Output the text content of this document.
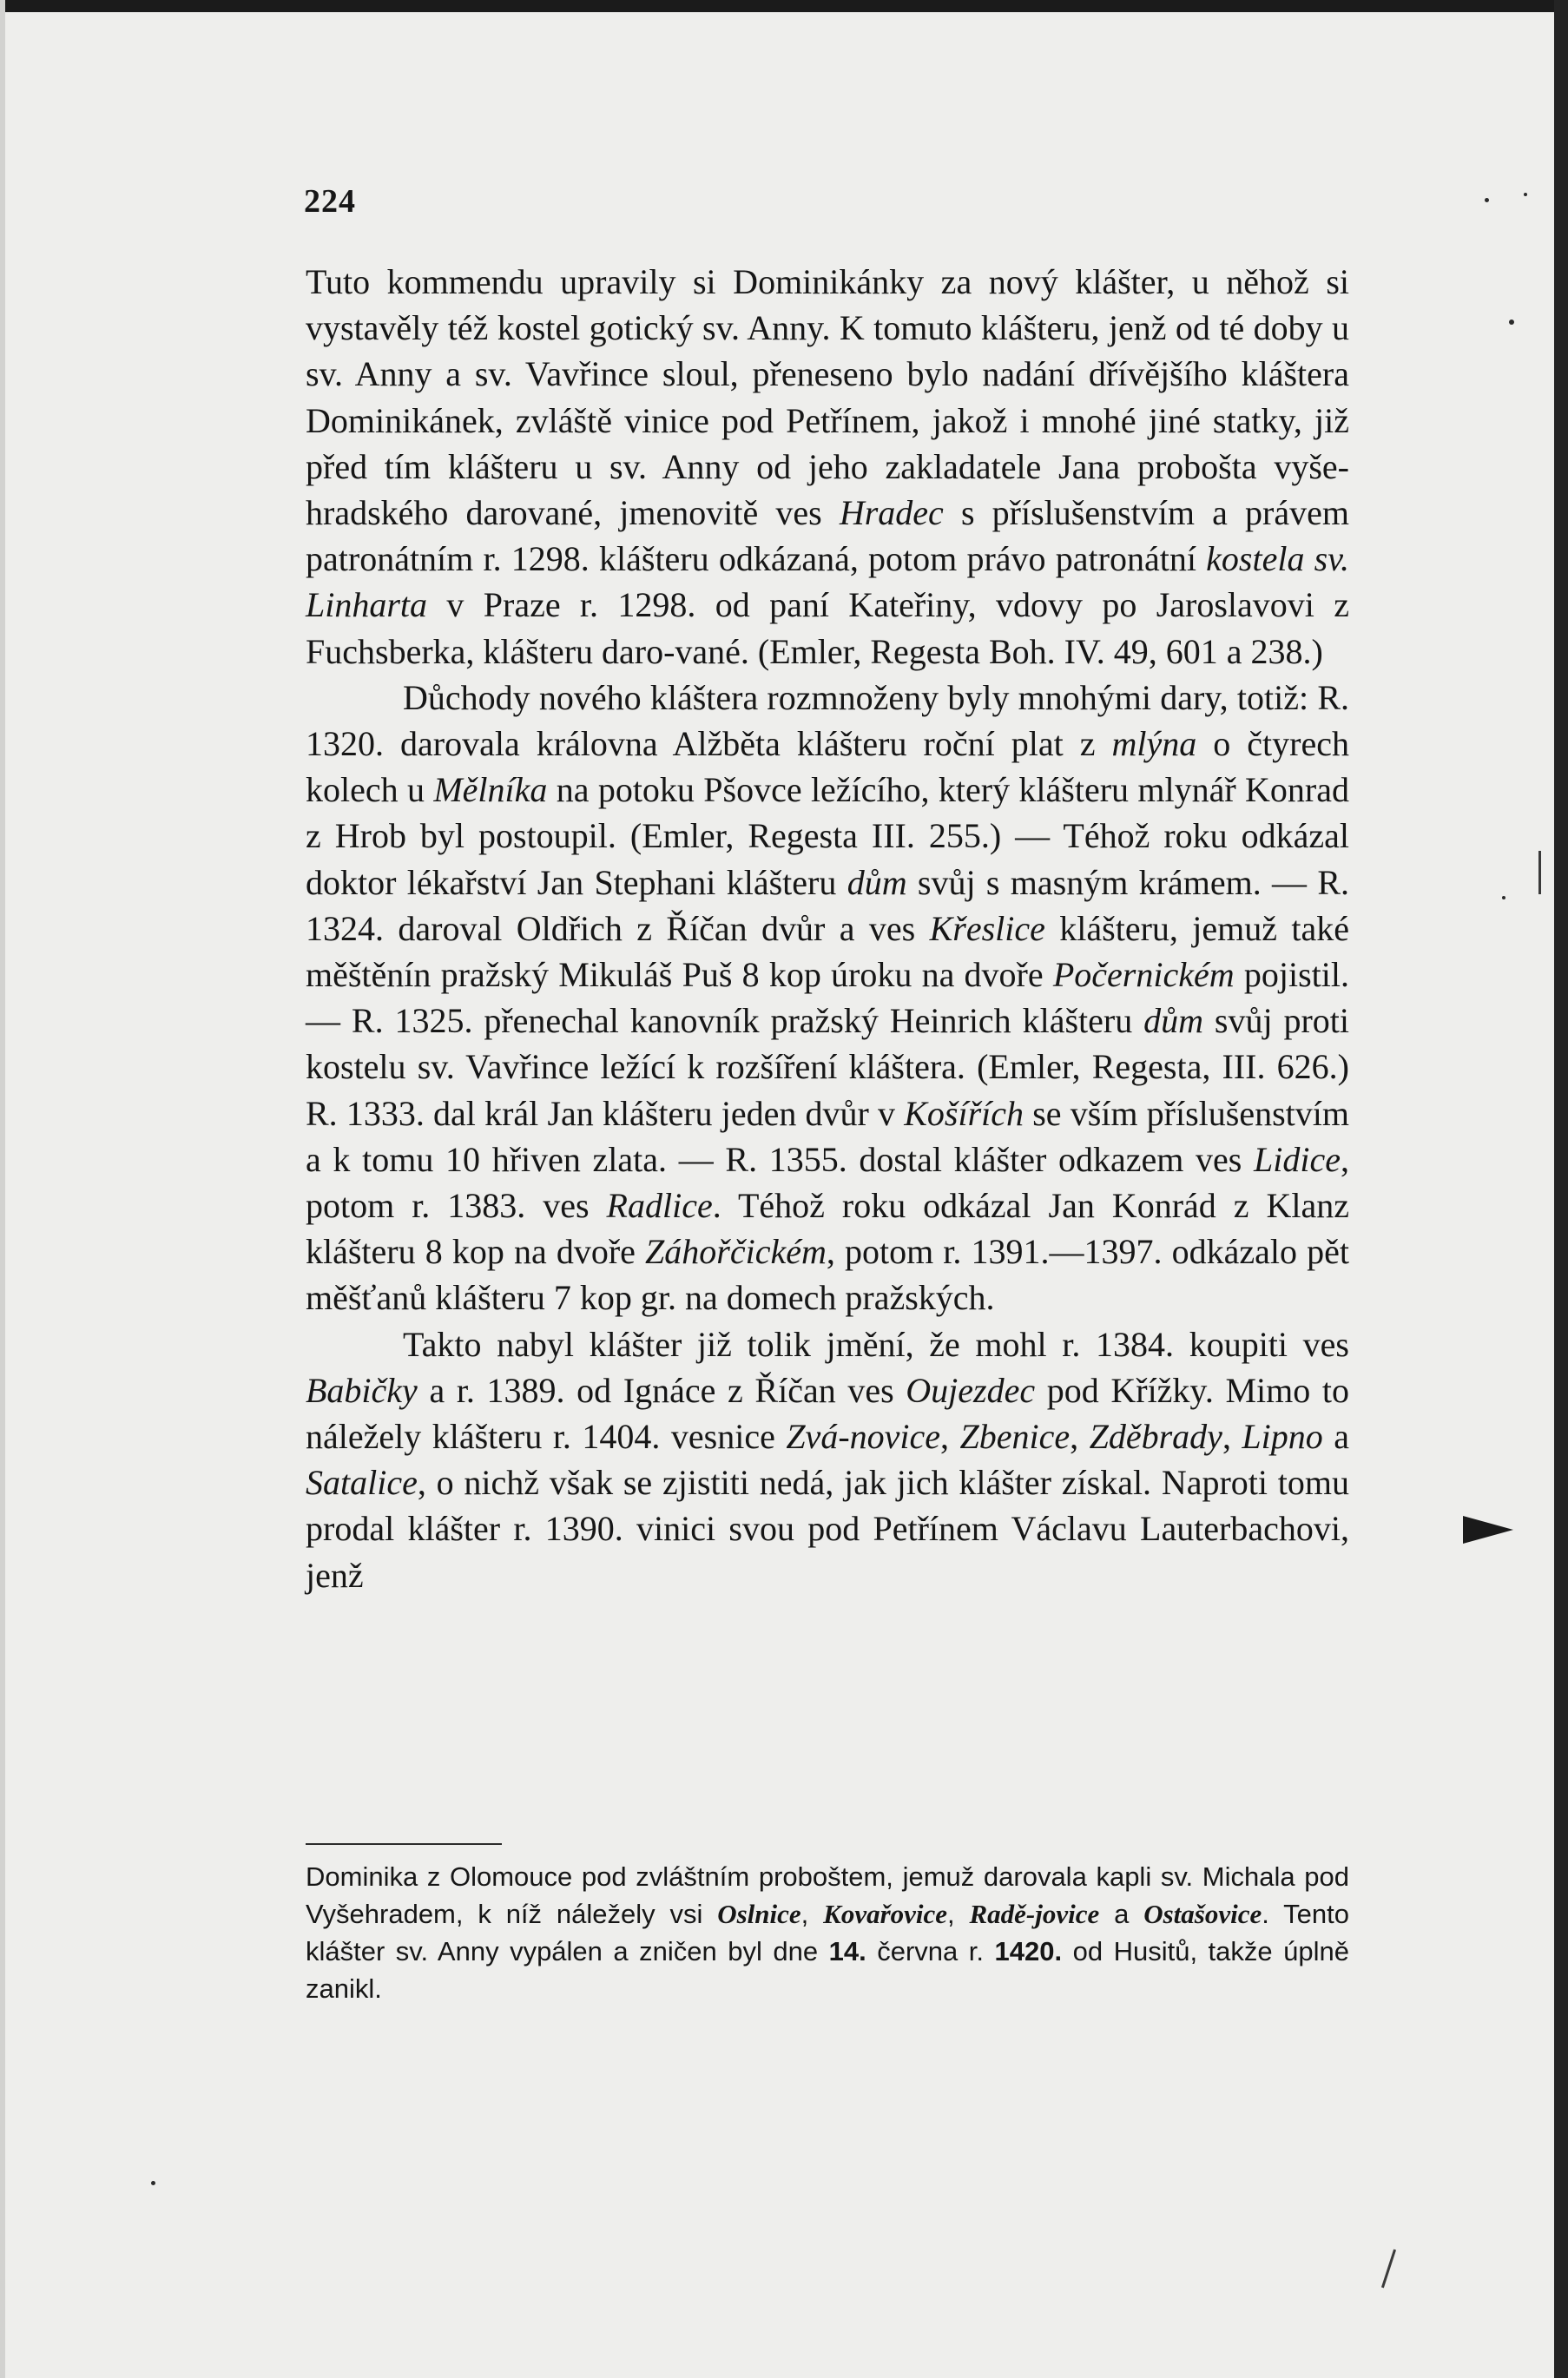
224

Tuto kommendu upravily si Dominikánky za nový klášter, u něhož si vystavěly též kostel gotický sv. Anny. K tomuto klášteru, jenž od té doby u sv. Anny a sv. Vavřince sloul, přeneseno bylo nadání dřívějšího kláštera Dominikánek, zvláště vinice pod Petřínem, jakož i mnohé jiné statky, již před tím klášteru u sv. Anny od jeho zakladatele Jana probošta vyše-hradského darované, jmenovitě ves Hradec s příslušenstvím a právem patronátním r. 1298. klášteru odkázaná, potom právo patronátní kostela sv. Linharta v Praze r. 1298. od paní Kateřiny, vdovy po Jaroslavovi z Fuchsberka, klášteru daro-vané. (Emler, Regesta Boh. IV. 49, 601 a 238.)

Důchody nového kláštera rozmnoženy byly mnohými dary, totiž: R. 1320. darovala královna Alžběta klášteru roční plat z mlýna o čtyrech kolech u Mělníka na potoku Pšovce ležícího, který klášteru mlynář Konrad z Hrob byl postoupil. (Emler, Regesta III. 255.) — Téhož roku odkázal doktor lékařství Jan Stephani klášteru dům svůj s masným krámem. — R. 1324. daroval Oldřich z Říčan dvůr a ves Křeslice klášteru, jemuž také měštěnín pražský Mikuláš Puš 8 kop úroku na dvoře Počernickém pojistil. — R. 1325. přenechal kanovník pražský Heinrich klášteru dům svůj proti kostelu sv. Vavřince ležící k rozšíření kláštera. (Emler, Regesta, III. 626.) R. 1333. dal král Jan klášteru jeden dvůr v Košířích se vším příslušenstvím a k tomu 10 hřiven zlata. — R. 1355. dostal klášter odkazem ves Lidice, potom r. 1383. ves Radlice. Téhož roku odkázal Jan Konrád z Klanz klášteru 8 kop na dvoře Záhořčickém, potom r. 1391.—1397. odkázalo pět měšťanů klášteru 7 kop gr. na domech pražských.

Takto nabyl klášter již tolik jmění, že mohl r. 1384. koupiti ves Babičky a r. 1389. od Ignáce z Říčan ves Oujezdec pod Křížky. Mimo to náležely klášteru r. 1404. vesnice Zvá-novice, Zbenice, Zděbrady, Lipno a Satalice, o nichž však se zjistiti nedá, jak jich klášter získal. Naproti tomu prodal klášter r. 1390. vinici svou pod Petřínem Václavu Lauterbachovi, jenž

Dominika z Olomouce pod zvláštním proboštem, jemuž darovala kapli sv. Michala pod Vyšehradem, k níž náležely vsi Oslnice, Kovařovice, Radě-jovice a Ostašovice. Tento klášter sv. Anny vypálen a zničen byl dne 14. června r. 1420. od Husitů, takže úplně zanikl.
